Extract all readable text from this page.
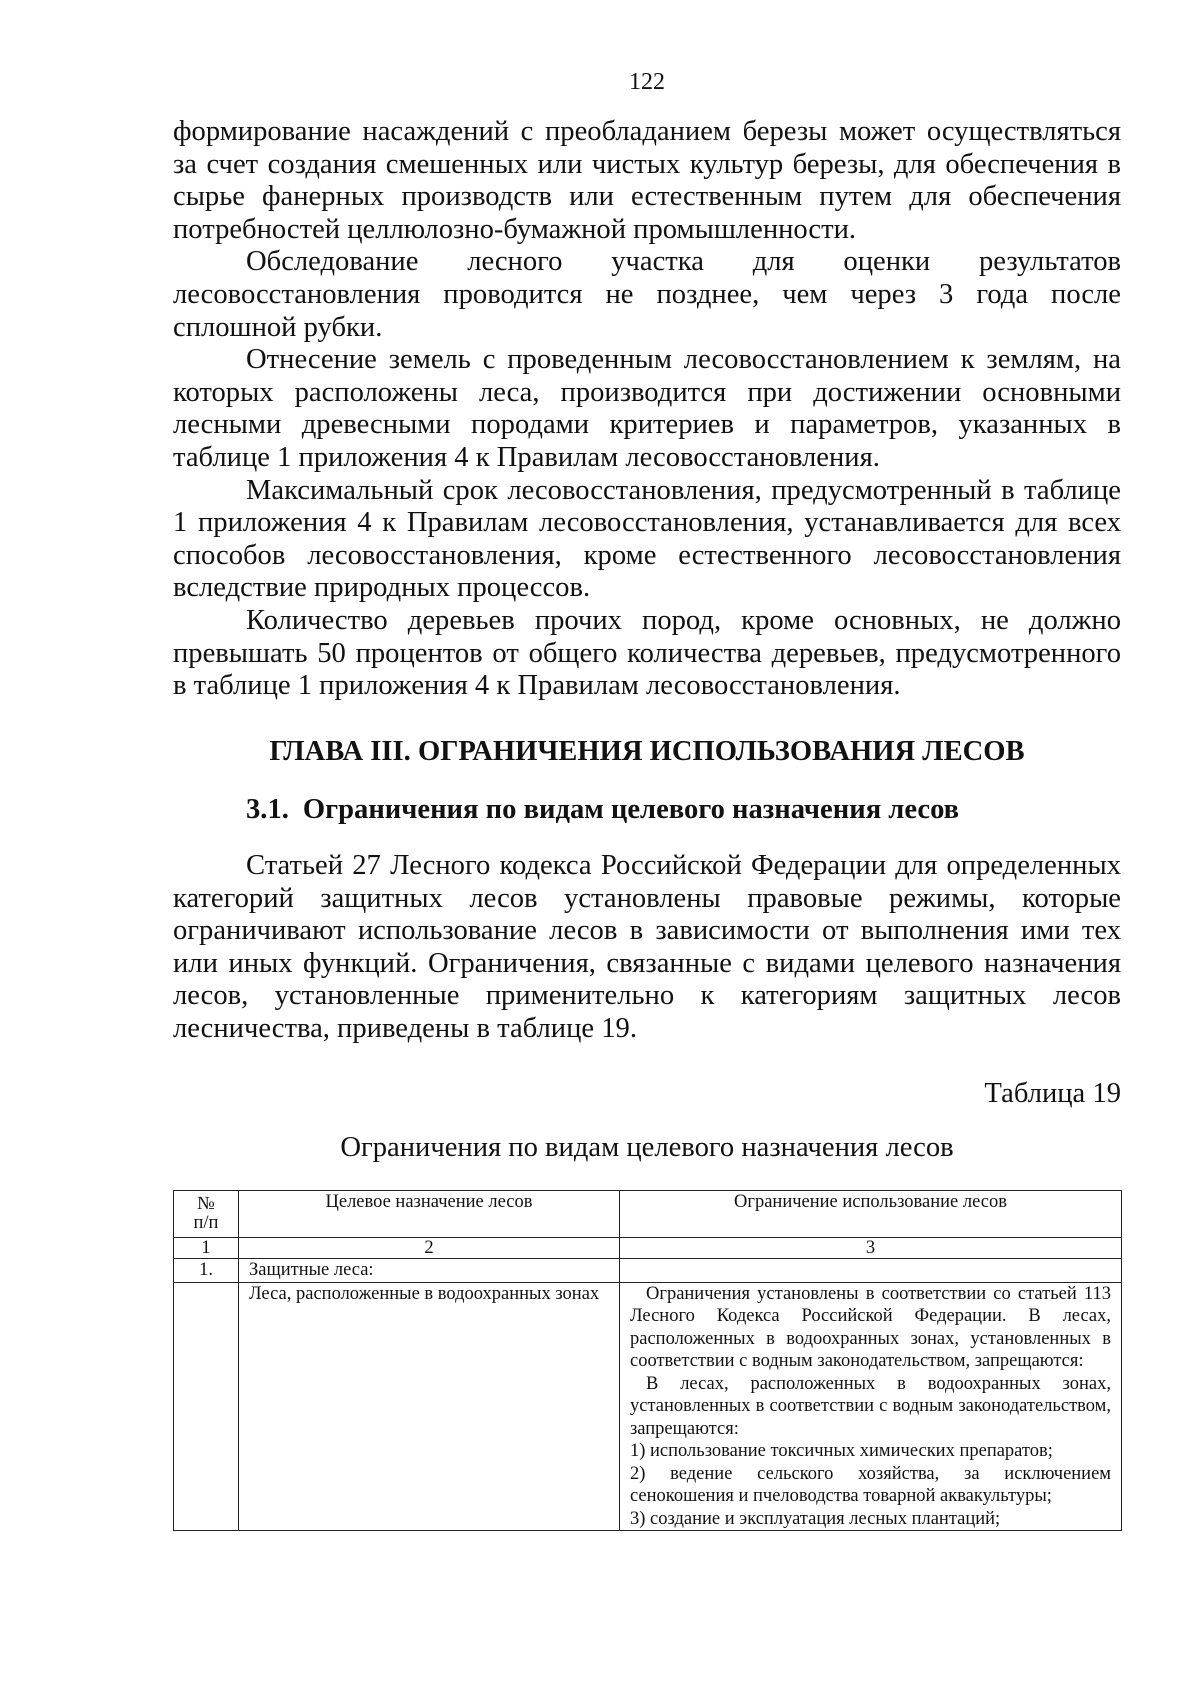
122

формирование насаждений с преобладанием березы может осуществляться за счет создания смешенных или чистых культур березы, для обеспечения в сырье фанерных производств или естественным путем для обеспечения потребностей целлюлозно-бумажной промышленности.

Обследование лесного участка для оценки результатов лесовосстановления проводится не позднее, чем через 3 года после сплошной рубки.

Отнесение земель с проведенным лесовосстановлением к землям, на которых расположены леса, производится при достижении основными лесными древесными породами критериев и параметров, указанных в таблице 1 приложения 4 к Правилам лесовосстановления.

Максимальный срок лесовосстановления, предусмотренный в таблице 1 приложения 4 к Правилам лесовосстановления, устанавливается для всех способов лесовосстановления, кроме естественного лесовосстановления вследствие природных процессов.

Количество деревьев прочих пород, кроме основных, не должно превышать 50 процентов от общего количества деревьев, предусмотренного в таблице 1 приложения 4 к Правилам лесовосстановления.

ГЛАВА III. ОГРАНИЧЕНИЯ ИСПОЛЬЗОВАНИЯ ЛЕСОВ
3.1. Ограничения по видам целевого назначения лесов

Статьей 27 Лесного кодекса Российской Федерации для определенных категорий защитных лесов установлены правовые режимы, которые ограничивают использование лесов в зависимости от выполнения ими тех или иных функций. Ограничения, связанные с видами целевого назначения лесов, установленные применительно к категориям защитных лесов лесничества, приведены в таблице 19.

Таблица 19
Ограничения по видам целевого назначения лесов
№ п/п	Целевое назначение лесов	Ограничение использование лесов
1	2	3
1.	Защитные леса:	
	Леса, расположенные в водоохранных зонах	Ограничения установлены в соответствии со статьей 113 Лесного Кодекса Российской Федерации. В лесах, расположенных в водоохранных зонах, установленных в соответствии с водным законодательством, запрещаются:

В лесах, расположенных в водоохранных зонах, установленных в соответствии с водным законодательством, запрещаются:

1) использование токсичных химических препаратов;

2) ведение сельского хозяйства, за исключением сенокошения и пчеловодства товарной аквакультуры;

3) создание и эксплуатация лесных плантаций;
